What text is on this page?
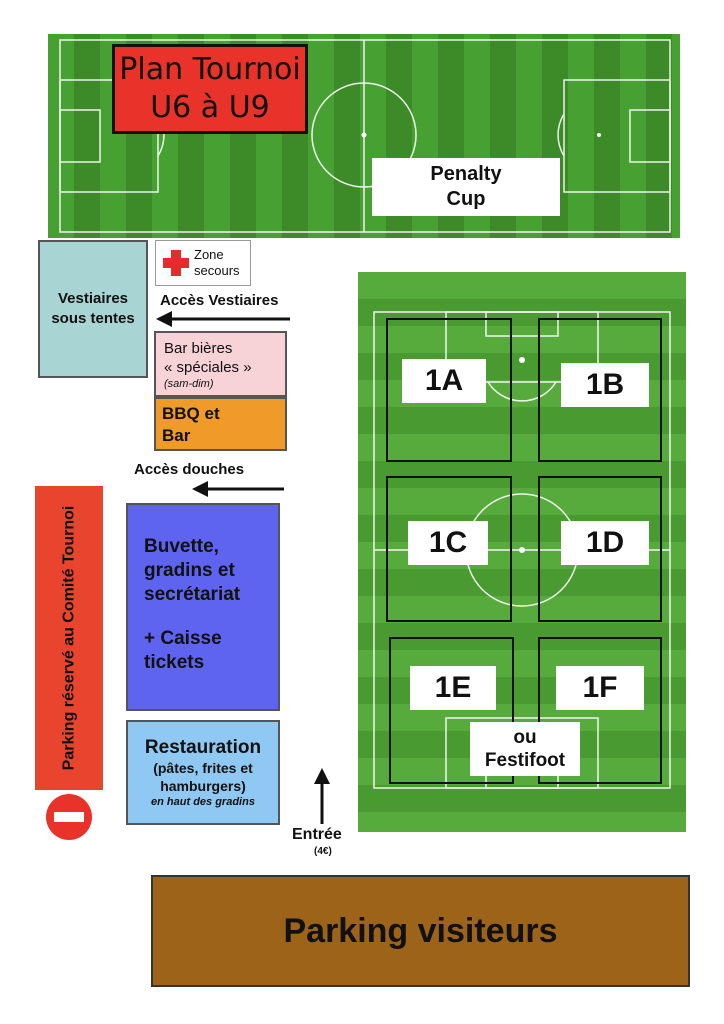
Plan Tournoi
U6 à U9
Penalty
Cup
Vestiaires
sous tentes
Zone
secours
Accès Vestiaires
Bar bières
« spéciales »
(sam-dim)
BBQ et
Bar
Accès douches
Buvette,
gradins et
secrétariat
+ Caisse
tickets
Restauration
(pâtes, frites et
hamburgers)
en haut des gradins
Parking réservé au Comité Tournoi
Entrée
(4€)
1A	1B
1C	1D
1E	1F
ou
Festifoot
Parking visiteurs
